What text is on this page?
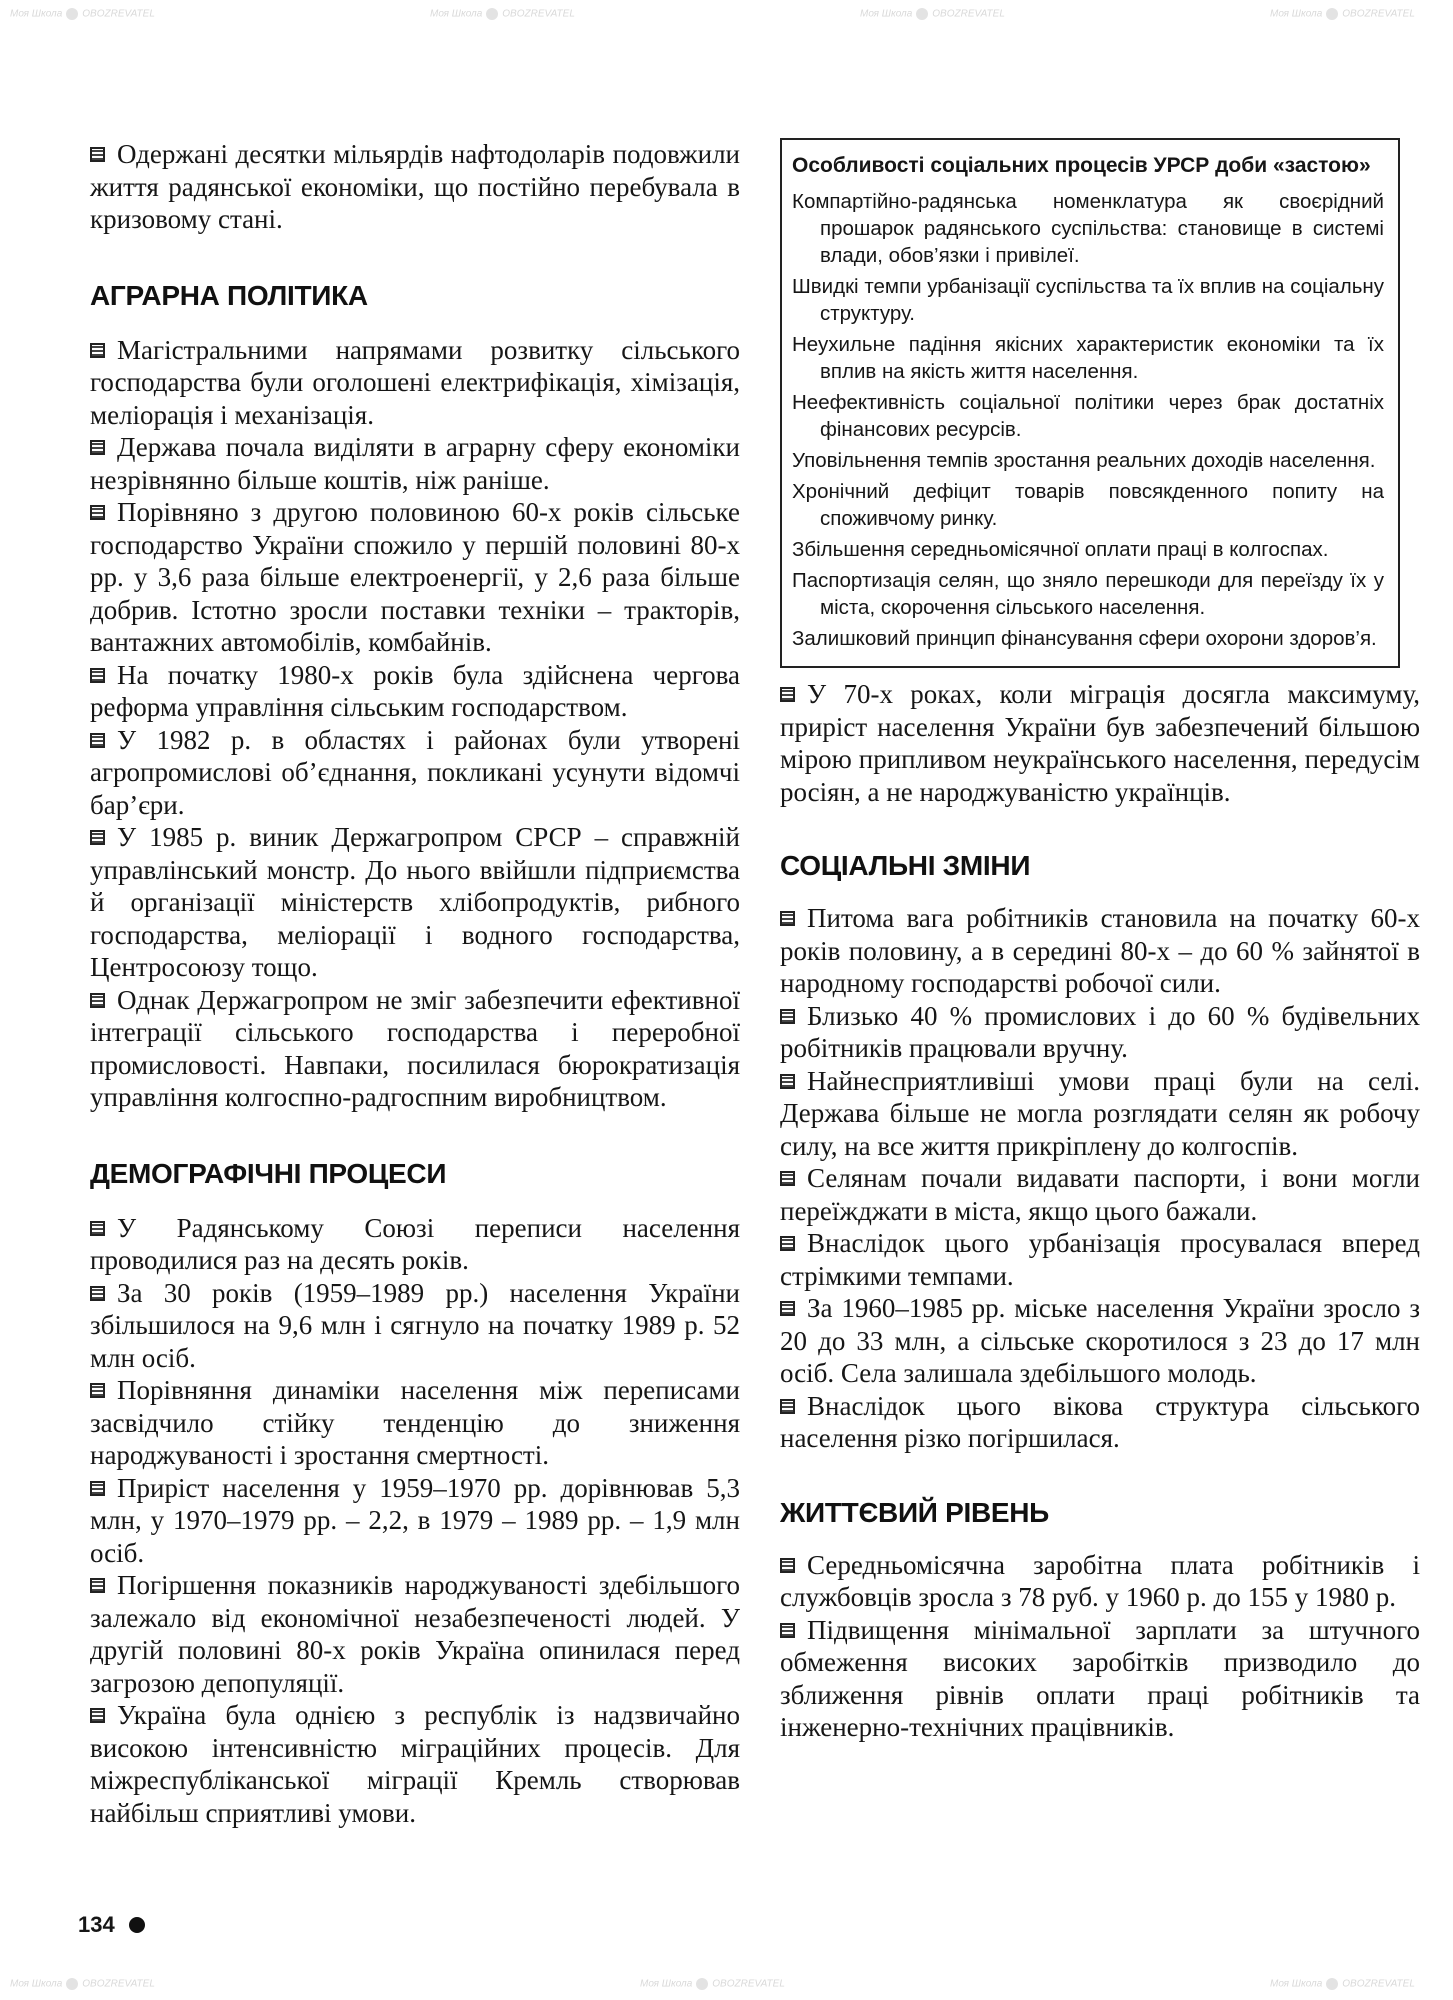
Моя Школа OBOZREVATEL	Моя Школа OBOZREVATEL	Моя Школа OBOZREVATEL	Моя Школа OBOZREVATEL
Моя Школа OBOZREVATEL	Моя Школа OBOZREVATEL	Моя Школа OBOZREVATEL

Одержані десятки мільярдів нафтодоларів подовжили життя радянської економіки, що постійно перебувала в кризовому стані.

АГРАРНА ПОЛІТИКА

Магістральними напрямами розвитку сільського господарства були оголошені електрифікація, хімізація, меліорація і механізація.

Держава почала виділяти в аграрну сферу економіки незрівнянно більше коштів, ніж раніше.

Порівняно з другою половиною 60-х років сільське господарство України спожило у першій половині 80-х рр. у 3,6 раза більше електроенергії, у 2,6 раза більше добрив. Істотно зросли поставки техніки – тракторів, вантажних автомобілів, комбайнів.

На початку 1980-х років була здійснена чергова реформа управління сільським господарством.

У 1982 р. в областях і районах були утворені агропромислові об’єднання, покликані усунути відомчі бар’єри.

У 1985 р. виник Держагропром СРСР – справжній управлінський монстр. До нього ввійшли підприємства й організації міністерств хлібопродуктів, рибного господарства, меліорації і водного господарства, Центросоюзу тощо.

Однак Держагропром не зміг забезпечити ефективної інтеграції сільського господарства і переробної промисловості. Навпаки, посилилася бюрократизація управління колгоспно-радгоспним виробництвом.

ДЕМОГРАФІЧНІ ПРОЦЕСИ

У Радянському Союзі переписи населення проводилися раз на десять років.

За 30 років (1959–1989 рр.) населення України збільшилося на 9,6 млн і сягнуло на початку 1989 р. 52 млн осіб.

Порівняння динаміки населення між переписами засвідчило стійку тенденцію до зниження народжуваності і зростання смертності.

Приріст населення у 1959–1970 рр. дорівнював 5,3 млн, у 1970–1979 рр. – 2,2, в 1979 – 1989 рр. – 1,9 млн осіб.

Погіршення показників народжуваності здебільшого залежало від економічної незабезпеченості людей. У другій половині 80-х років Україна опинилася перед загрозою депопуляції.

Україна була однією з республік із надзвичайно високою інтенсивністю міграційних процесів. Для міжреспубліканської міграції Кремль створював найбільш сприятливі умови.

Особливості соціальних процесів УРСР доби «застою»
Компартійно-радянська номенклатура як своєрідний прошарок радянського суспільства: становище в системі влади, обов’язки і привілеї.
Швидкі темпи урбанізації суспільства та їх вплив на соціальну структуру.
Неухильне падіння якісних характеристик економіки та їх вплив на якість життя населення.
Неефективність соціальної політики через брак достатніх фінансових ресурсів.
Уповільнення темпів зростання реальних доходів населення.
Хронічний дефіцит товарів повсякденного попиту на споживчому ринку.
Збільшення середньомісячної оплати праці в колгоспах.
Паспортизація селян, що зняло перешкоди для переїзду їх у міста, скорочення сільського населення.
Залишковий принцип фінансування сфери охорони здоров’я.

У 70-х роках, коли міграція досягла максимуму, приріст населення України був забезпечений більшою мірою припливом неукраїнського населення, передусім росіян, а не народжуваністю українців.

СОЦІАЛЬНІ ЗМІНИ

Питома вага робітників становила на початку 60-х років половину, а в середині 80-х – до 60 % зайнятої в народному господарстві робочої сили.

Близько 40 % промислових і до 60 % будівельних робітників працювали вручну.

Найнесприятливіші умови праці були на селі. Держава більше не могла розглядати селян як робочу силу, на все життя прикріплену до колгоспів.

Селянам почали видавати паспорти, і вони могли переїжджати в міста, якщо цього бажали.

Внаслідок цього урбанізація просувалася вперед стрімкими темпами.

За 1960–1985 рр. міське населення України зросло з 20 до 33 млн, а сільське скоротилося з 23 до 17 млн осіб. Села залишала здебільшого молодь.

Внаслідок цього вікова структура сільського населення різко погіршилася.

ЖИТТЄВИЙ РІВЕНЬ

Середньомісячна заробітна плата робітників і службовців зросла з 78 руб. у 1960 р. до 155 у 1980 р.

Підвищення мінімальної зарплати за штучного обмеження високих заробітків призводило до зближення рівнів оплати праці робітників та інженерно-технічних працівників.

134
